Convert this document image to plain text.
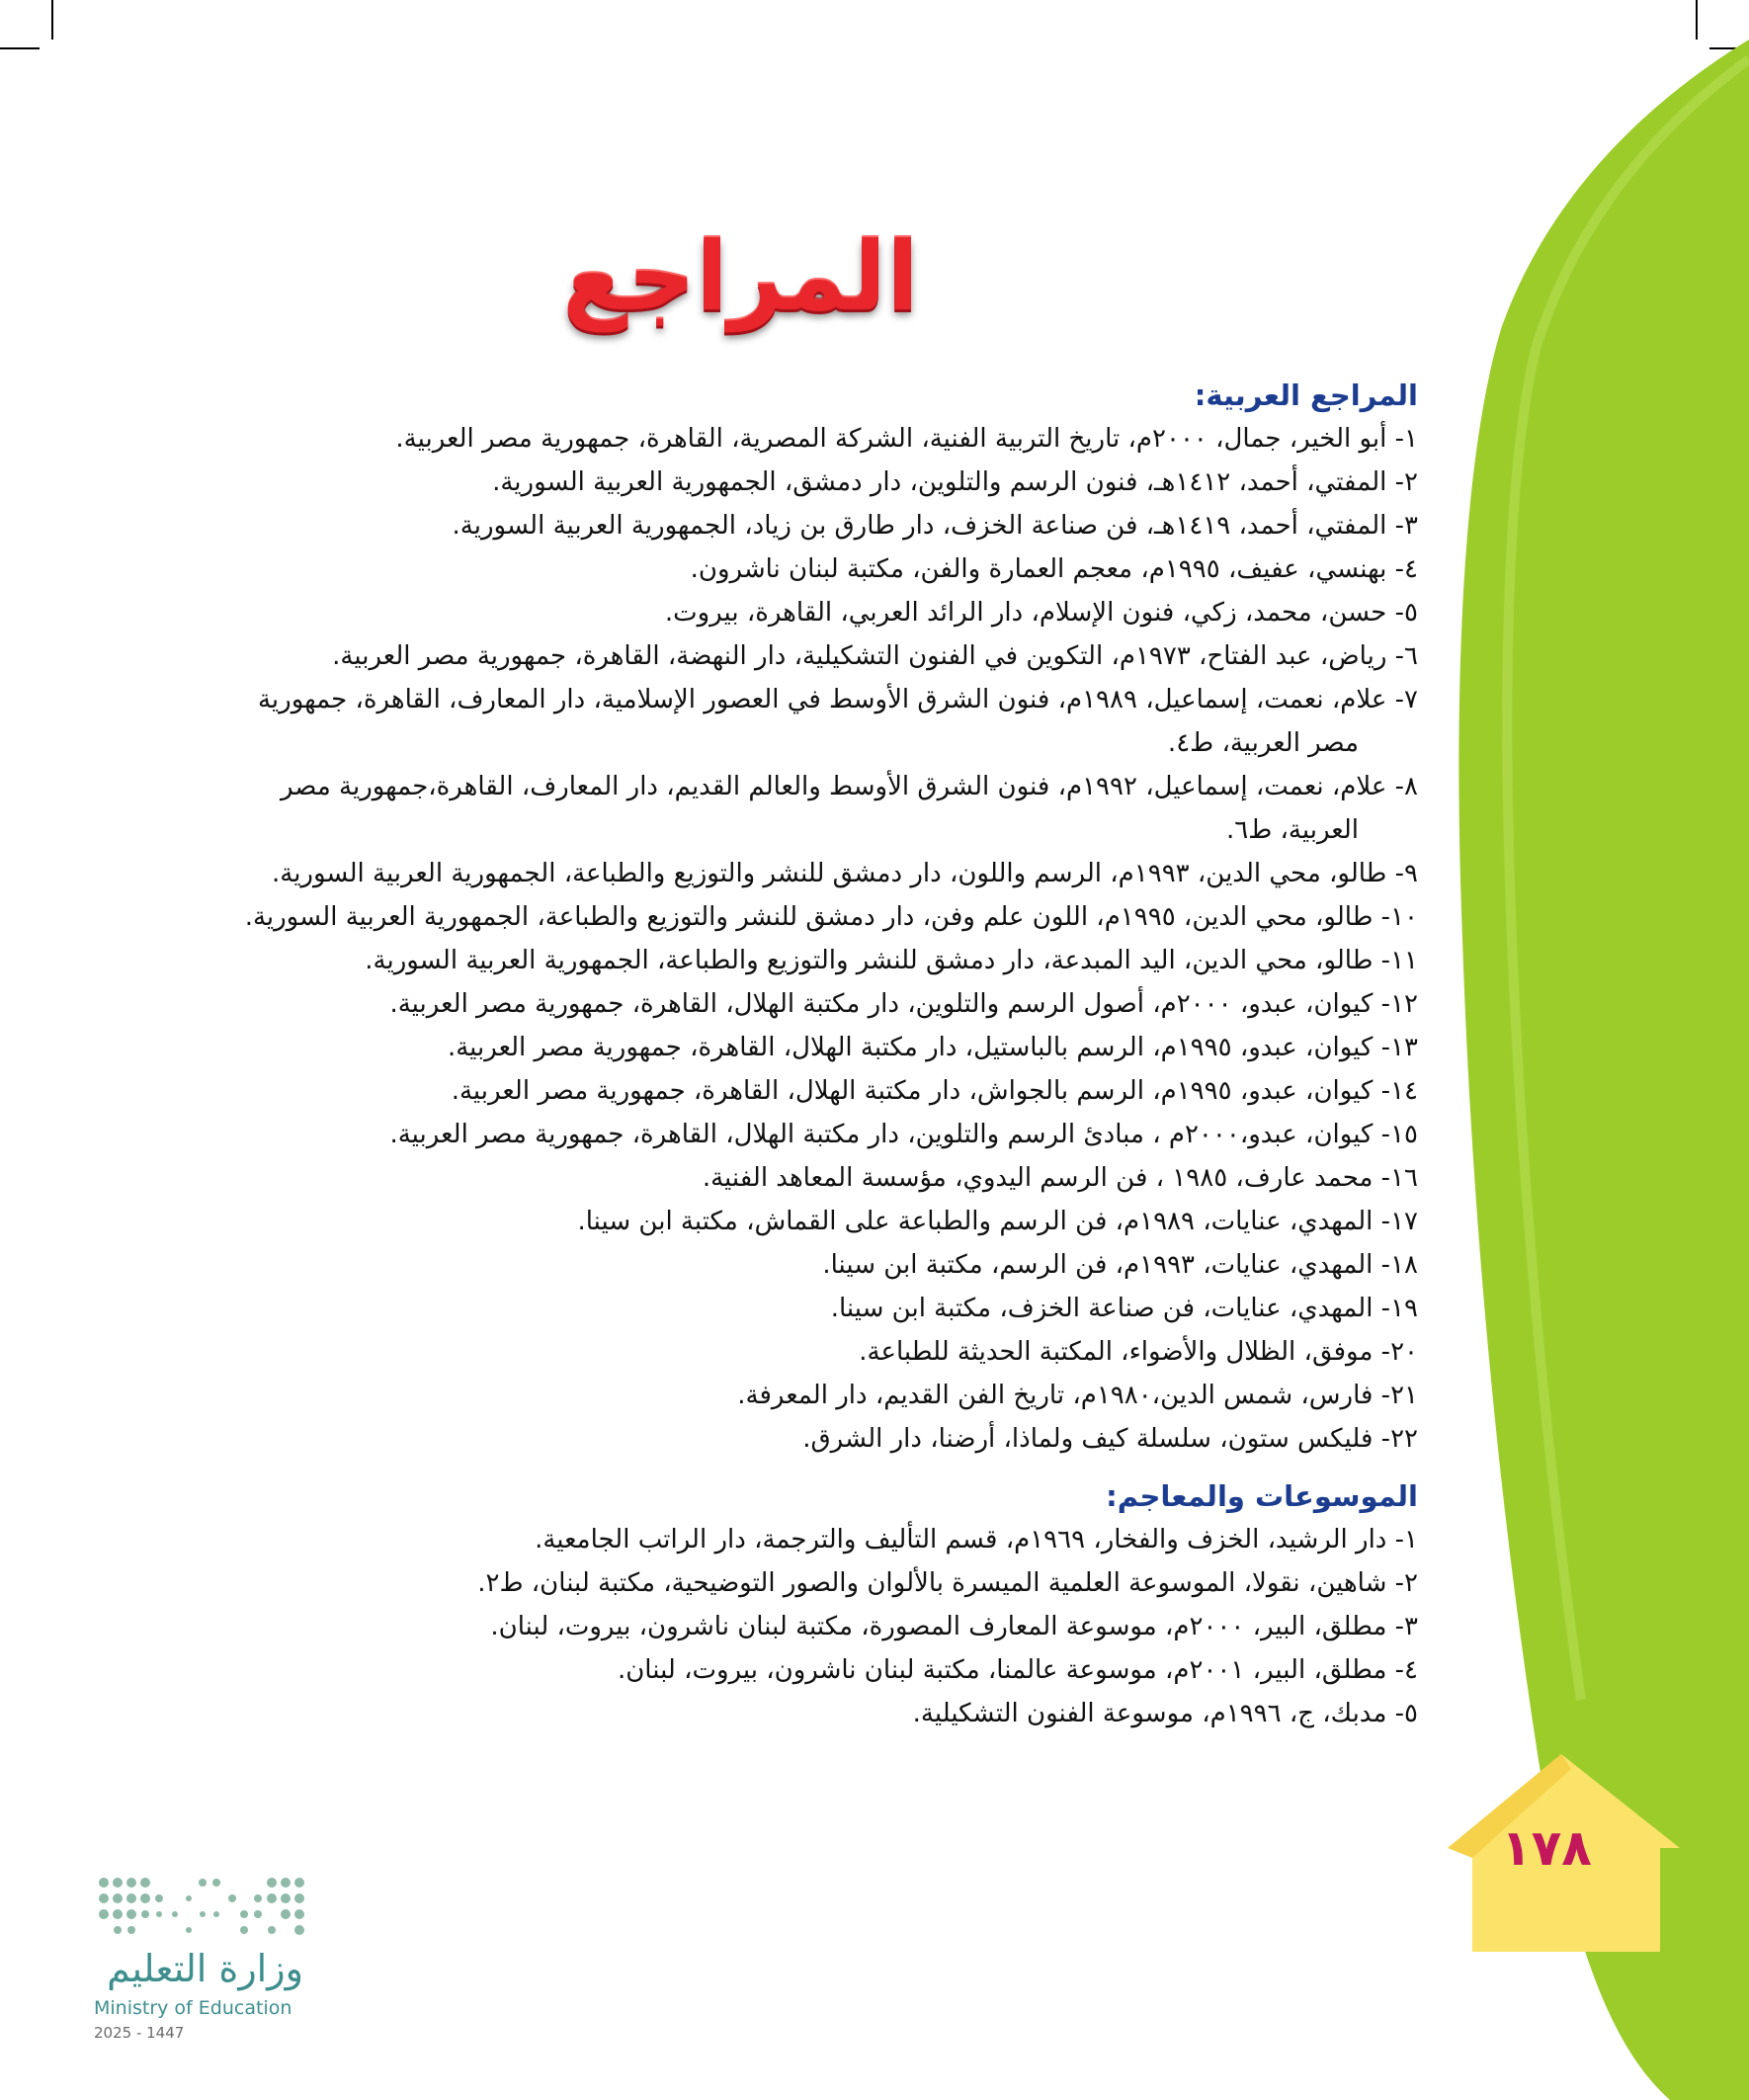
المراجع
المراجع العربية:
١- أبو الخير، جمال، ٢٠٠٠م، تاريخ التربية الفنية، الشركة المصرية، القاهرة، جمهورية مصر العربية.
٢- المفتي، أحمد، ١٤١٢هـ، فنون الرسم والتلوين، دار دمشق، الجمهورية العربية السورية.
٣- المفتي، أحمد، ١٤١٩هـ، فن صناعة الخزف، دار طارق بن زياد، الجمهورية العربية السورية.
٤- بهنسي، عفيف، ١٩٩٥م، معجم العمارة والفن، مكتبة لبنان ناشرون.
٥- حسن، محمد، زكي، فنون الإسلام، دار الرائد العربي، القاهرة، بيروت.
٦- رياض، عبد الفتاح، ١٩٧٣م، التكوين في الفنون التشكيلية، دار النهضة، القاهرة، جمهورية مصر العربية.
٧- علام، نعمت، إسماعيل، ١٩٨٩م، فنون الشرق الأوسط في العصور الإسلامية، دار المعارف، القاهرة، جمهورية مصر العربية، ط٤.
٨- علام، نعمت، إسماعيل، ١٩٩٢م، فنون الشرق الأوسط والعالم القديم، دار المعارف، القاهرة،جمهورية مصر العربية، ط٦.
٩- طالو، محي الدين، ١٩٩٣م، الرسم واللون، دار دمشق للنشر والتوزيع والطباعة، الجمهورية العربية السورية.
١٠- طالو، محي الدين، ١٩٩٥م، اللون علم وفن، دار دمشق للنشر والتوزيع والطباعة، الجمهورية العربية السورية.
١١- طالو، محي الدين، اليد المبدعة، دار دمشق للنشر والتوزيع والطباعة، الجمهورية العربية السورية.
١٢- كيوان، عبدو، ٢٠٠٠م، أصول الرسم والتلوين، دار مكتبة الهلال، القاهرة، جمهورية مصر العربية.
١٣- كيوان، عبدو، ١٩٩٥م، الرسم بالباستيل، دار مكتبة الهلال، القاهرة، جمهورية مصر العربية.
١٤- كيوان، عبدو، ١٩٩٥م، الرسم بالجواش، دار مكتبة الهلال، القاهرة، جمهورية مصر العربية.
١٥- كيوان، عبدو،٢٠٠٠م ، مبادئ الرسم والتلوين، دار مكتبة الهلال، القاهرة، جمهورية مصر العربية.
١٦- محمد عارف، ١٩٨٥ ، فن الرسم اليدوي، مؤسسة المعاهد الفنية.
١٧- المهدي، عنايات، ١٩٨٩م، فن الرسم والطباعة على القماش، مكتبة ابن سينا.
١٨- المهدي، عنايات، ١٩٩٣م، فن الرسم، مكتبة ابن سينا.
١٩- المهدي، عنايات، فن صناعة الخزف، مكتبة ابن سينا.
٢٠- موفق، الظلال والأضواء، المكتبة الحديثة للطباعة.
٢١- فارس، شمس الدين،١٩٨٠م، تاريخ الفن القديم، دار المعرفة.
٢٢- فليكس ستون، سلسلة كيف ولماذا، أرضنا، دار الشرق.
الموسوعات والمعاجم:
١- دار الرشيد، الخزف والفخار، ١٩٦٩م، قسم التأليف والترجمة، دار الراتب الجامعية.
٢- شاهين، نقولا، الموسوعة العلمية الميسرة بالألوان والصور التوضيحية، مكتبة لبنان، ط٢.
٣- مطلق، البير، ٢٠٠٠م، موسوعة المعارف المصورة، مكتبة لبنان ناشرون، بيروت، لبنان.
٤- مطلق، البير، ٢٠٠١م، موسوعة عالمنا، مكتبة لبنان ناشرون، بيروت، لبنان.
٥- مدبك، ج، ١٩٩٦م، موسوعة الفنون التشكيلية.
١٧٨
وزارة التعليم
Ministry of Education
2025 - 1447
